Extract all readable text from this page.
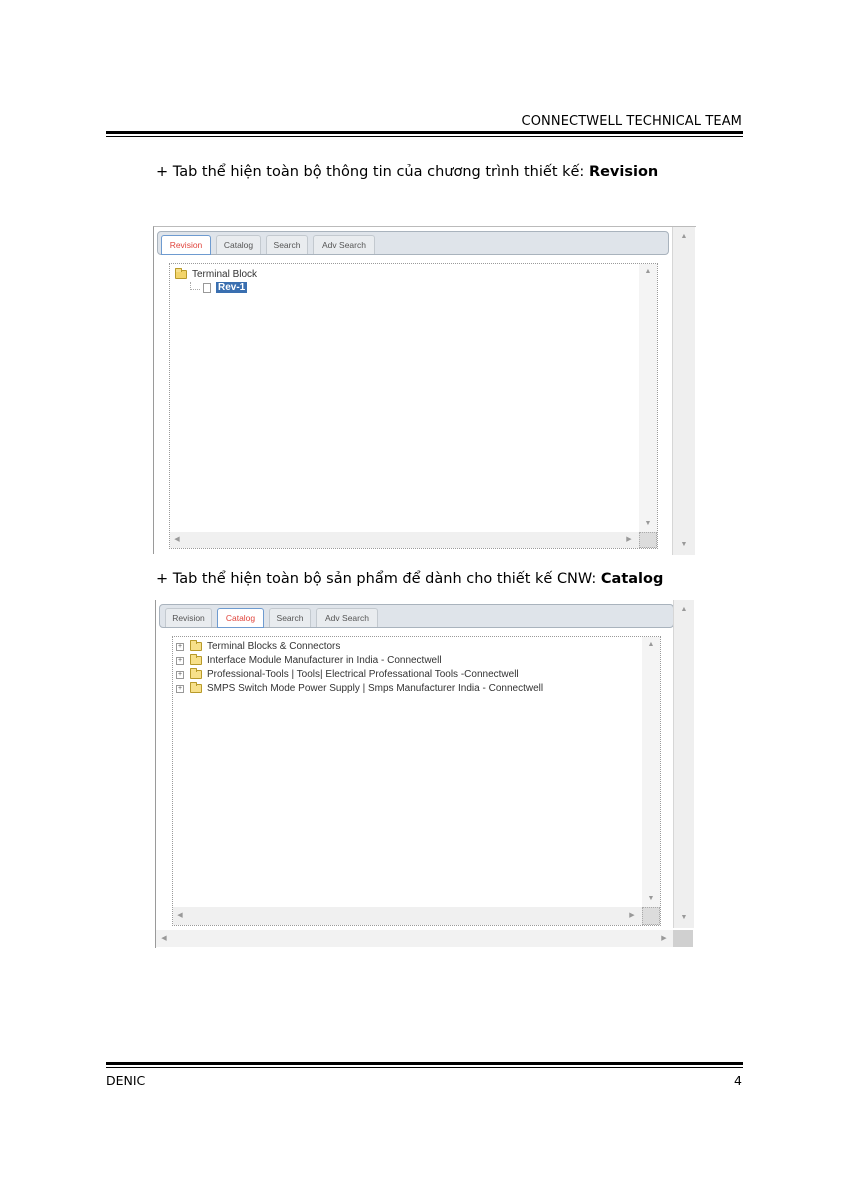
CONNECTWELL TECHNICAL TEAM
+ Tab thể hiện toàn bộ thông tin của chương trình thiết kế: Revision
Revision	Catalog	Search	Adv Search
▲
▼
Terminal Block
Rev-1
▲
▼
◀	▶
+ Tab thể hiện toàn bộ sản phẩm để dành cho thiết kế CNW: Catalog
Revision	Catalog	Search	Adv Search
▲
▼
+ Terminal Blocks & Connectors
+ Interface Module Manufacturer in India - Connectwell
+ Professional-Tools | Tools| Electrical Professational Tools -Connectwell
+ SMPS Switch Mode Power Supply | Smps Manufacturer India - Connectwell
▲
▼
◀	▶
◀	▶
DENIC	4
